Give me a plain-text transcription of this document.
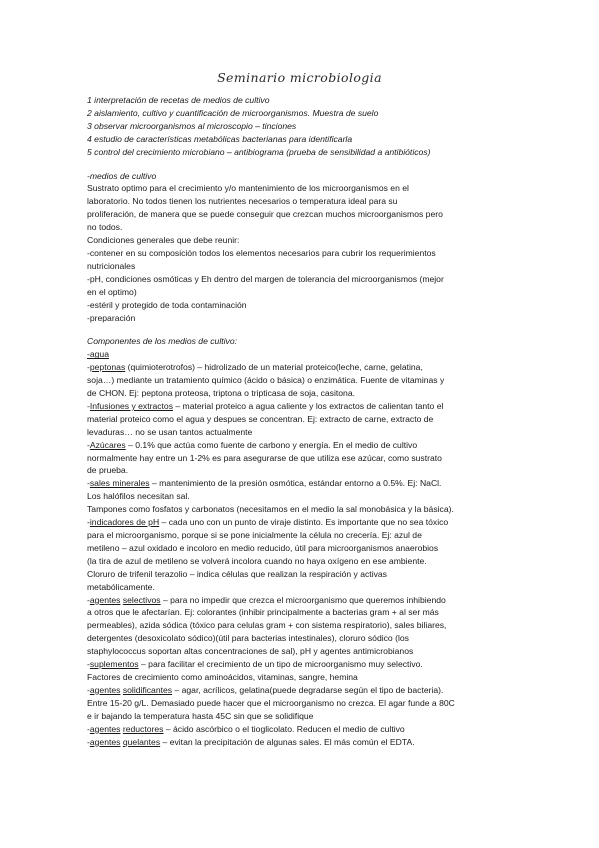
Seminario microbiologia
1 interpretación de recetas de medios de cultivo
2 aislamiento, cultivo y cuantificación de microorganismos. Muestra de suelo
3 observar microorganismos al microscopio – tinciones
4 estudio de características metabólicas bacterianas para identificarla
5 control del crecimiento microbiano – antibiograma (prueba de sensibilidad a antibióticos)
-medios de cultivo
Sustrato optimo para el crecimiento y/o mantenimiento de los microorganismos en el
laboratorio. No todos tienen los nutrientes necesarios o temperatura ideal para su
proliferación, de manera que se puede conseguir que crezcan muchos microorganismos pero
no todos.
Condiciones generales que debe reunir:
-contener en su composición todos los elementos necesarios para cubrir los requerimientos
nutricionales
-pH, condiciones osmóticas y Eh dentro del margen de tolerancia del microorganismos (mejor
en el optimo)
-estéril y protegido de toda contaminación
-preparación
Componentes de los medios de cultivo:
-agua
-peptonas (quimioterotrofos) – hidrolizado de un material proteico(leche, carne, gelatina,
soja…) mediante un tratamiento químico (ácido o básica) o enzimática. Fuente de vitaminas y
de CHON. Ej: peptona proteosa, triptona o tripticasa de soja, casitona.
-Infusiones y extractos – material proteico a agua caliente y los extractos de calientan tanto el
material proteico como el agua y despues se concentran. Ej: extracto de carne, extracto de
levaduras… no se usan tantos actualmente
-Azúcares – 0.1% que actúa como fuente de carbono y energía. En el medio de cultivo
normalmente hay entre un 1-2% es para asegurarse de que utiliza ese azúcar, como sustrato
de prueba.
-sales minerales – mantenimiento de la presión osmótica, estándar entorno a 0.5%. Ej: NaCl.
Los halófilos necesitan sal.
Tampones como fosfatos y carbonatos (necesitamos en el medio la sal monobásica y la básica).
-indicadores de pH – cada uno con un punto de viraje distinto. Es importante que no sea tóxico
para el microorganismo, porque si se pone inicialmente la célula no crecería. Ej: azul de
metileno – azul oxidado e incoloro en medio reducido, útil para microorganismos anaerobios
(la tira de azul de metileno se volverá incolora cuando no haya oxígeno en ese ambiente.
Cloruro de trifenil terazolio – indica células que realizan la respiración y activas
metabólicamente.
-agentes selectivos – para no impedir que crezca el microorganismo que queremos inhibiendo
a otros que le afectarían. Ej: colorantes (inhibir principalmente a bacterias gram + al ser más
permeables), azida sódica (tóxico para celulas gram + con sistema respiratorio), sales biliares,
detergentes (desoxicolato sódico)(útil para bacterias intestinales), cloruro sódico (los
staphylococcus soportan altas concentraciones de sal), pH y agentes antimicrobianos
-suplementos – para facilitar el crecimiento de un tipo de microorganismo muy selectivo.
Factores de crecimiento como aminoácidos, vitaminas, sangre, hemina
-agentes solidificantes – agar, acrílicos, gelatina(puede degradarse según el tipo de bacteria).
Entre 15-20 g/L. Demasiado puede hacer que el microorganismo no crezca. El agar funde a 80C
e ir bajando la temperatura hasta 45C sin que se solidifique
-agentes reductores – ácido ascórbico o el tioglicolato. Reducen el medio de cultivo
-agentes quelantes – evitan la precipitación de algunas sales. El más común el EDTA.
